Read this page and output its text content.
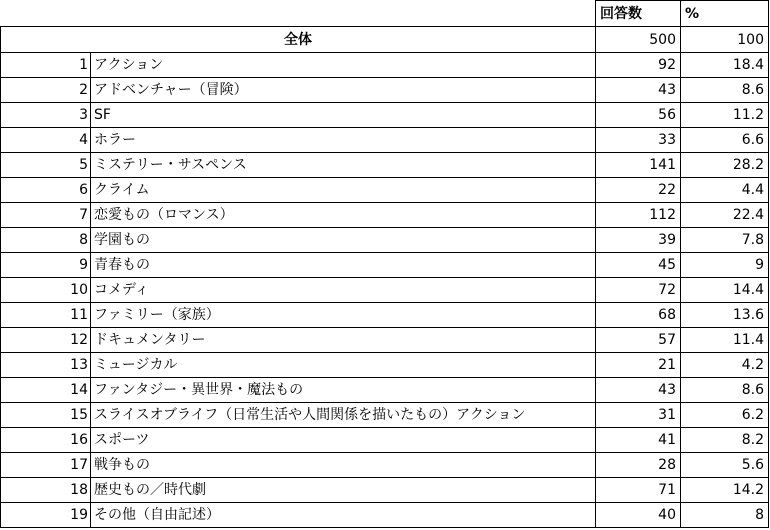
		回答数	%
全体		500	100
1	アクション	92	18.4
2	アドベンチャー（冒険）	43	8.6
3	SF	56	11.2
4	ホラー	33	6.6
5	ミステリー・サスペンス	141	28.2
6	クライム	22	4.4
7	恋愛もの（ロマンス）	112	22.4
8	学園もの	39	7.8
9	青春もの	45	9
10	コメディ	72	14.4
11	ファミリー（家族）	68	13.6
12	ドキュメンタリー	57	11.4
13	ミュージカル	21	4.2
14	ファンタジー・異世界・魔法もの	43	8.6
15	スライスオブライフ（日常生活や人間関係を描いたもの）アクション	31	6.2
16	スポーツ	41	8.2
17	戦争もの	28	5.6
18	歴史もの／時代劇	71	14.2
19	その他（自由記述）	40	8
